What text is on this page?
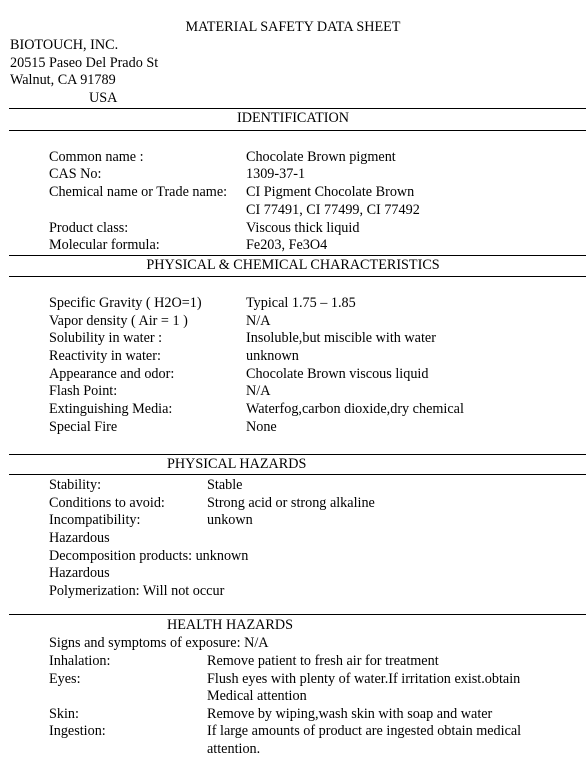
MATERIAL SAFETY DATA SHEET
BIOTOUCH, INC.
20515 Paseo Del Prado St
Walnut, CA 91789
USA
IDENTIFICATION
Common name :	Chocolate Brown pigment
CAS No:	1309-37-1
Chemical name or Trade name: CI Pigment Chocolate Brown
CI 77491, CI 77499, CI 77492
Product class:	Viscous thick liquid
Molecular formula:	Fe203, Fe3O4
PHYSICAL & CHEMICAL CHARACTERISTICS
Specific Gravity ( H2O=1)	Typical 1.75 – 1.85
Vapor density ( Air = 1 )	N/A
Solubility in water :	Insoluble,but miscible with water
Reactivity in water:	unknown
Appearance and odor:	Chocolate Brown viscous liquid
Flash Point:	N/A
Extinguishing Media:	Waterfog,carbon dioxide,dry chemical
Special Fire	None
PHYSICAL HAZARDS
Stability:	Stable
Conditions to avoid:	Strong acid or strong alkaline
Incompatibility:	unkown
Hazardous
Decomposition products: unknown
Hazardous
Polymerization: Will not occur
HEALTH HAZARDS
Signs and symptoms of exposure: N/A
Inhalation:	Remove patient to fresh air for treatment
Eyes:	Flush eyes with plenty of water.If irritation exist.obtain
Medical attention
Skin:	Remove by wiping,wash skin with soap and water
Ingestion:	If large amounts of product are ingested obtain medical
attention.
